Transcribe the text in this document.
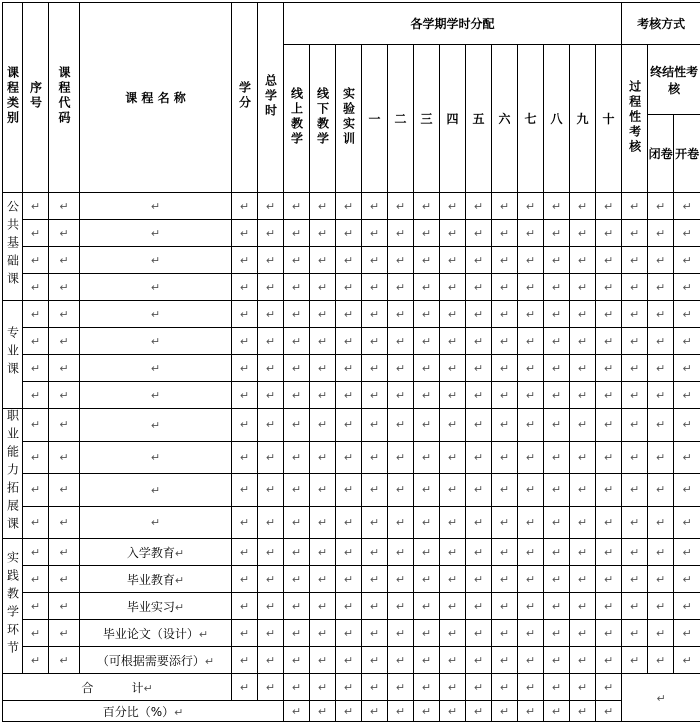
课程类别	序号	课程代码	课 程 名 称	学分	总学时	各学期学时分配													考核方式		
						线上教学	线下教学	实验实训	一	二	三	四	五	六	七	八	九	十	过程性考核	终结性考核	
																				闭卷	开卷
公共基础课	↵	↵	↵	↵	↵	↵	↵	↵	↵	↵	↵	↵	↵	↵	↵	↵	↵	↵	↵	↵	↵
	↵	↵	↵	↵	↵	↵	↵	↵	↵	↵	↵	↵	↵	↵	↵	↵	↵	↵	↵	↵	↵
	↵	↵	↵	↵	↵	↵	↵	↵	↵	↵	↵	↵	↵	↵	↵	↵	↵	↵	↵	↵	↵
	↵	↵	↵	↵	↵	↵	↵	↵	↵	↵	↵	↵	↵	↵	↵	↵	↵	↵	↵	↵	↵
专业课	↵	↵	↵	↵	↵	↵	↵	↵	↵	↵	↵	↵	↵	↵	↵	↵	↵	↵	↵	↵	↵
	↵	↵	↵	↵	↵	↵	↵	↵	↵	↵	↵	↵	↵	↵	↵	↵	↵	↵	↵	↵	↵
	↵	↵	↵	↵	↵	↵	↵	↵	↵	↵	↵	↵	↵	↵	↵	↵	↵	↵	↵	↵	↵
	↵	↵	↵	↵	↵	↵	↵	↵	↵	↵	↵	↵	↵	↵	↵	↵	↵	↵	↵	↵	↵
职业能力拓展课	↵	↵	↵	↵	↵	↵	↵	↵	↵	↵	↵	↵	↵	↵	↵	↵	↵	↵	↵	↵	↵
	↵	↵	↵	↵	↵	↵	↵	↵	↵	↵	↵	↵	↵	↵	↵	↵	↵	↵	↵	↵	↵
	↵	↵	↵	↵	↵	↵	↵	↵	↵	↵	↵	↵	↵	↵	↵	↵	↵	↵	↵	↵	↵
	↵	↵	↵	↵	↵	↵	↵	↵	↵	↵	↵	↵	↵	↵	↵	↵	↵	↵	↵	↵	↵
实践教学环节	↵	↵	入学教育↵	↵	↵	↵	↵	↵	↵	↵	↵	↵	↵	↵	↵	↵	↵	↵	↵	↵	↵
	↵	↵	毕业教育↵	↵	↵	↵	↵	↵	↵	↵	↵	↵	↵	↵	↵	↵	↵	↵	↵	↵	↵
	↵	↵	毕业实习↵	↵	↵	↵	↵	↵	↵	↵	↵	↵	↵	↵	↵	↵	↵	↵	↵	↵	↵
	↵	↵	毕业论文（设计）↵	↵	↵	↵	↵	↵	↵	↵	↵	↵	↵	↵	↵	↵	↵	↵	↵	↵	↵
	↵	↵	（可根据需要添行）↵	↵	↵	↵	↵	↵	↵	↵	↵	↵	↵	↵	↵	↵	↵	↵	↵	↵	↵
合          计↵				↵	↵	↵	↵	↵	↵	↵	↵	↵	↵	↵	↵	↵	↵	↵	↵		
百分比（%）↵						↵	↵	↵	↵	↵	↵	↵	↵	↵	↵	↵	↵	↵			
